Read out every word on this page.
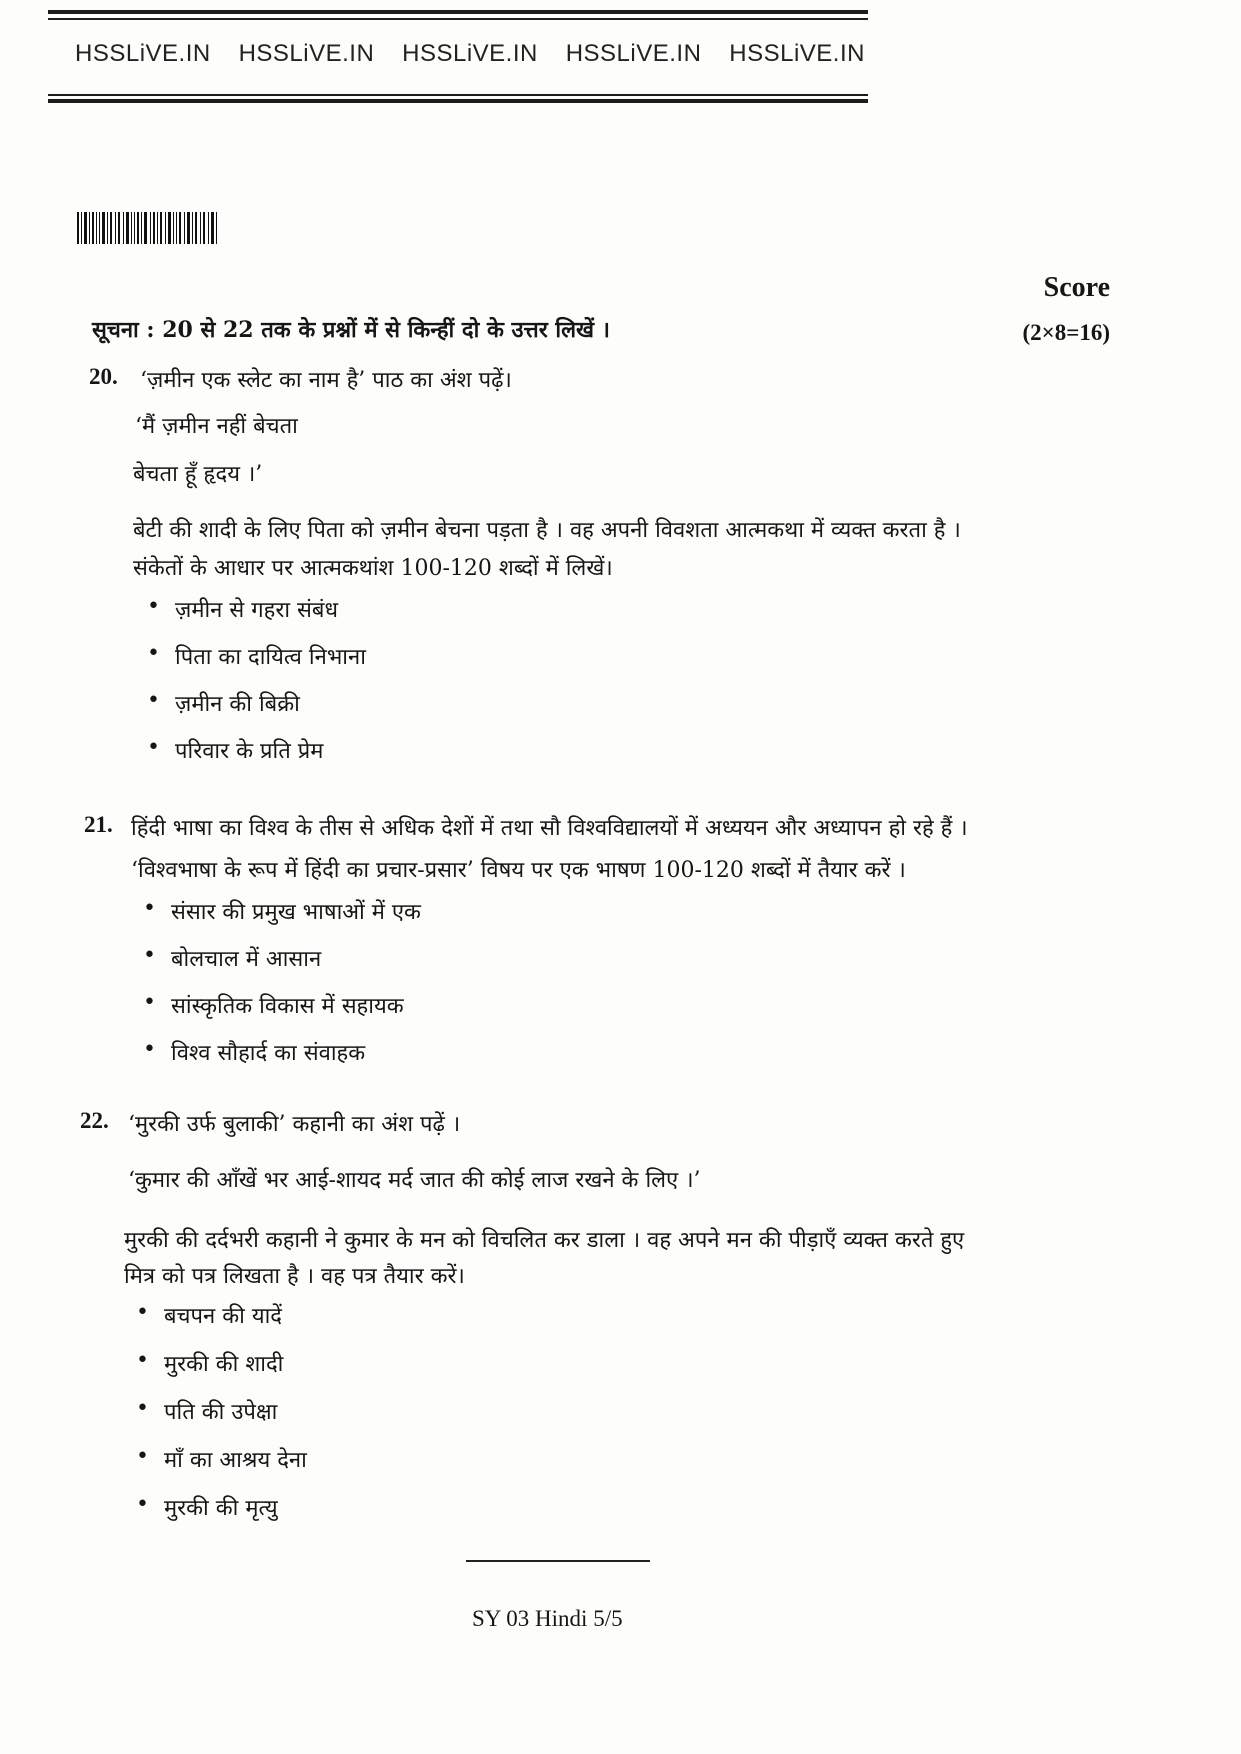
HSSLiVE.IN HSSLiVE.IN HSSLiVE.IN HSSLiVE.IN HSSLiVE.IN
Score
(2×8=16)
सूचना : 20 से 22 तक के प्रश्नों में से किन्हीं दो के उत्तर लिखें ।
20. ‘ज़मीन एक स्लेट का नाम है’ पाठ का अंश पढ़ें।
‘मैं ज़मीन नहीं बेचता
बेचता हूँ हृदय ।’
बेटी की शादी के लिए पिता को ज़मीन बेचना पड़ता है । वह अपनी विवशता आत्मकथा में व्यक्त करता है ।
संकेतों के आधार पर आत्मकथांश 100-120 शब्दों में लिखें।
• ज़मीन से गहरा संबंध
• पिता का दायित्व निभाना
• ज़मीन की बिक्री
• परिवार के प्रति प्रेम
21. हिंदी भाषा का विश्व के तीस से अधिक देशों में तथा सौ विश्वविद्यालयों में अध्ययन और अध्यापन हो रहे हैं ।
‘विश्वभाषा के रूप में हिंदी का प्रचार-प्रसार’ विषय पर एक भाषण 100-120 शब्दों में तैयार करें ।
• संसार की प्रमुख भाषाओं में एक
• बोलचाल में आसान
• सांस्कृतिक विकास में सहायक
• विश्व सौहार्द का संवाहक
22. ‘मुरकी उर्फ बुलाकी’ कहानी का अंश पढ़ें ।
‘कुमार की आँखें भर आई-शायद मर्द जात की कोई लाज रखने के लिए ।’
मुरकी की दर्दभरी कहानी ने कुमार के मन को विचलित कर डाला । वह अपने मन की पीड़ाएँ व्यक्त करते हुए
मित्र को पत्र लिखता है । वह पत्र तैयार करें।
• बचपन की यादें
• मुरकी की शादी
• पति की उपेक्षा
• माँ का आश्रय देना
• मुरकी की मृत्यु
SY 03 Hindi 5/5
